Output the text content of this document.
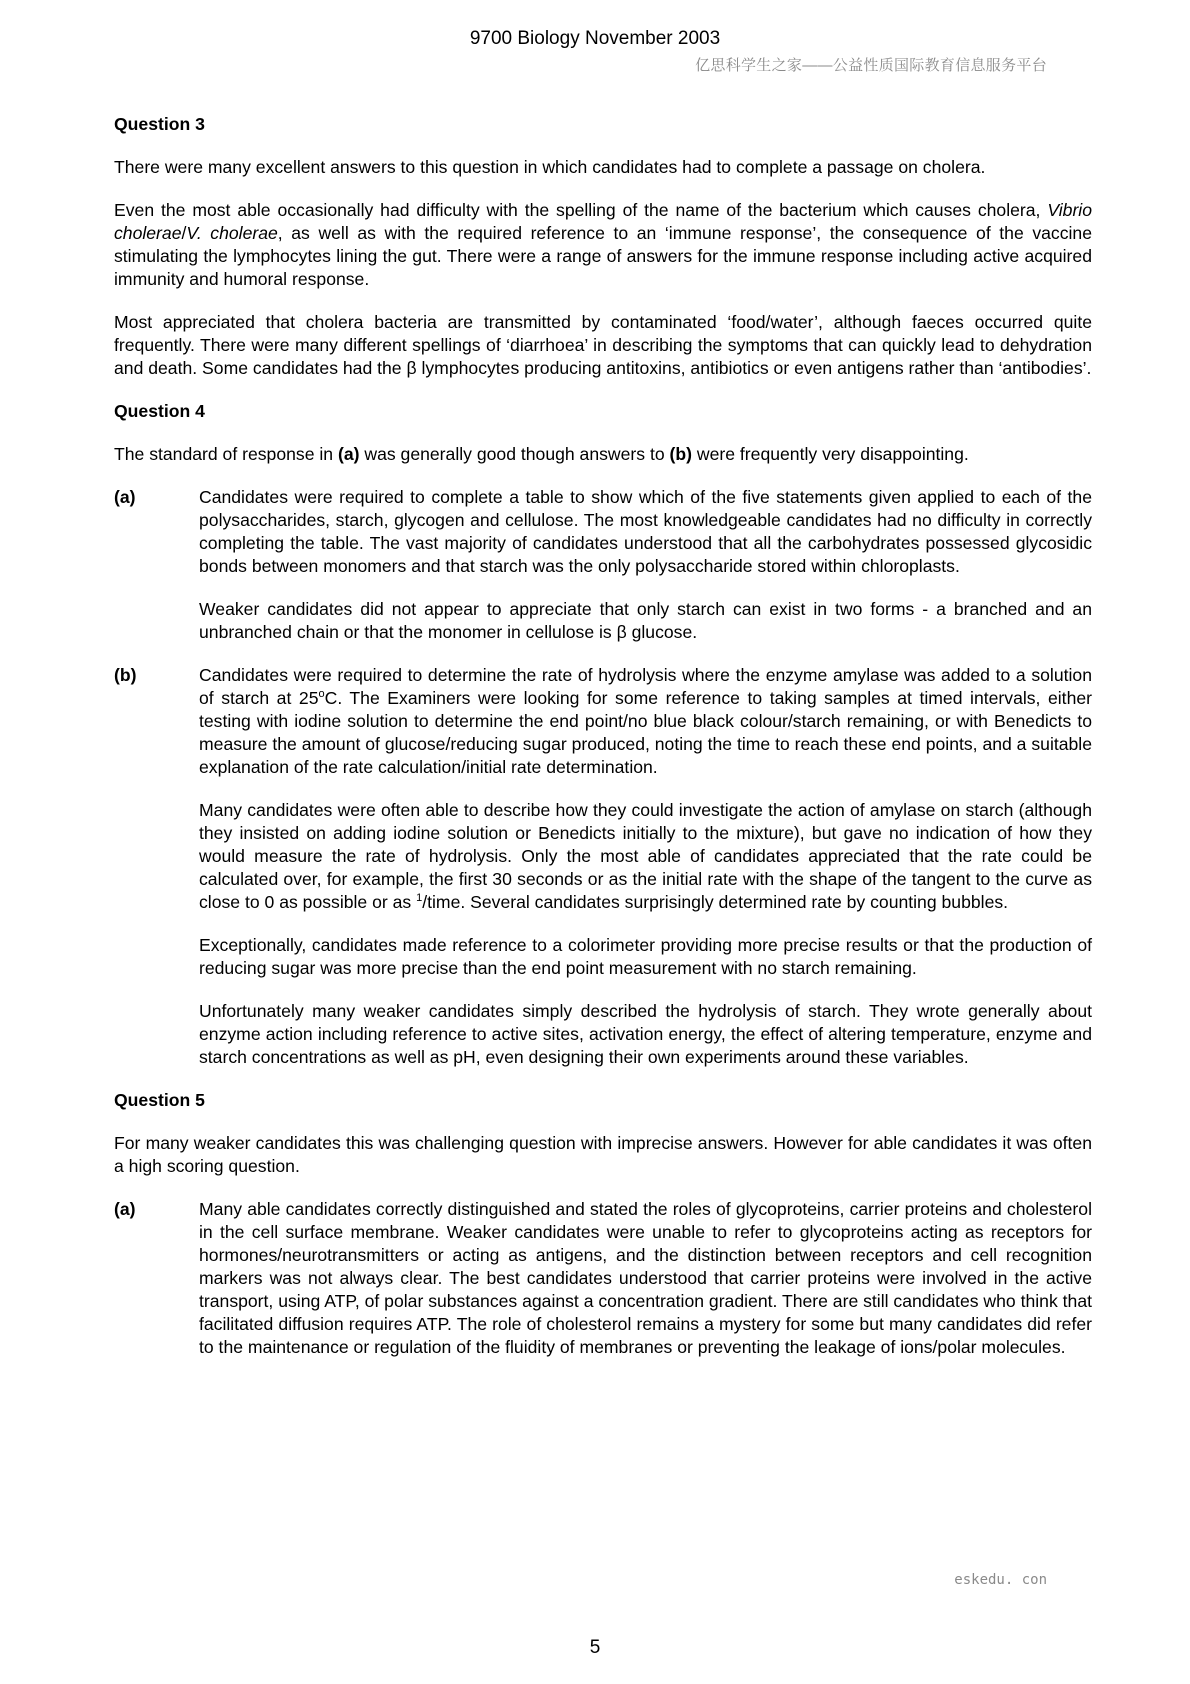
9700 Biology November 2003
亿思科学生之家——公益性质国际教育信息服务平台
Question 3

There were many excellent answers to this question in which candidates had to complete a passage on cholera.

Even the most able occasionally had difficulty with the spelling of the name of the bacterium which causes cholera, Vibrio cholerae/V. cholerae, as well as with the required reference to an ‘immune response’, the consequence of the vaccine stimulating the lymphocytes lining the gut. There were a range of answers for the immune response including active acquired immunity and humoral response.

Most appreciated that cholera bacteria are transmitted by contaminated ‘food/water’, although faeces occurred quite frequently. There were many different spellings of ‘diarrhoea’ in describing the symptoms that can quickly lead to dehydration and death. Some candidates had the β lymphocytes producing antitoxins, antibiotics or even antigens rather than ‘antibodies’.

Question 4

The standard of response in (a) was generally good though answers to (b) were frequently very disappointing.

(a)	Candidates were required to complete a table to show which of the five statements given applied to each of the polysaccharides, starch, glycogen and cellulose. The most knowledgeable candidates had no difficulty in correctly completing the table. The vast majority of candidates understood that all the carbohydrates possessed glycosidic bonds between monomers and that starch was the only polysaccharide stored within chloroplasts.

Weaker candidates did not appear to appreciate that only starch can exist in two forms - a branched and an unbranched chain or that the monomer in cellulose is β glucose.

(b)	Candidates were required to determine the rate of hydrolysis where the enzyme amylase was added to a solution of starch at 25$^o$C. The Examiners were looking for some reference to taking samples at timed intervals, either testing with iodine solution to determine the end point/no blue black colour/starch remaining, or with Benedicts to measure the amount of glucose/reducing sugar produced, noting the time to reach these end points, and a suitable explanation of the rate calculation/initial rate determination.

Many candidates were often able to describe how they could investigate the action of amylase on starch (although they insisted on adding iodine solution or Benedicts initially to the mixture), but gave no indication of how they would measure the rate of hydrolysis. Only the most able of candidates appreciated that the rate could be calculated over, for example, the first 30 seconds or as the initial rate with the shape of the tangent to the curve as close to 0 as possible or as $^1$/time. Several candidates surprisingly determined rate by counting bubbles.

Exceptionally, candidates made reference to a colorimeter providing more precise results or that the production of reducing sugar was more precise than the end point measurement with no starch remaining.

Unfortunately many weaker candidates simply described the hydrolysis of starch. They wrote generally about enzyme action including reference to active sites, activation energy, the effect of altering temperature, enzyme and starch concentrations as well as pH, even designing their own experiments around these variables.

Question 5

For many weaker candidates this was challenging question with imprecise answers. However for able candidates it was often a high scoring question.

(a)	Many able candidates correctly distinguished and stated the roles of glycoproteins, carrier proteins and cholesterol in the cell surface membrane. Weaker candidates were unable to refer to glycoproteins acting as receptors for hormones/neurotransmitters or acting as antigens, and the distinction between receptors and cell recognition markers was not always clear. The best candidates understood that carrier proteins were involved in the active transport, using ATP, of polar substances against a concentration gradient. There are still candidates who think that facilitated diffusion requires ATP. The role of cholesterol remains a mystery for some but many candidates did refer to the maintenance or regulation of the fluidity of membranes or preventing the leakage of ions/polar molecules.

eskedu. con
5
